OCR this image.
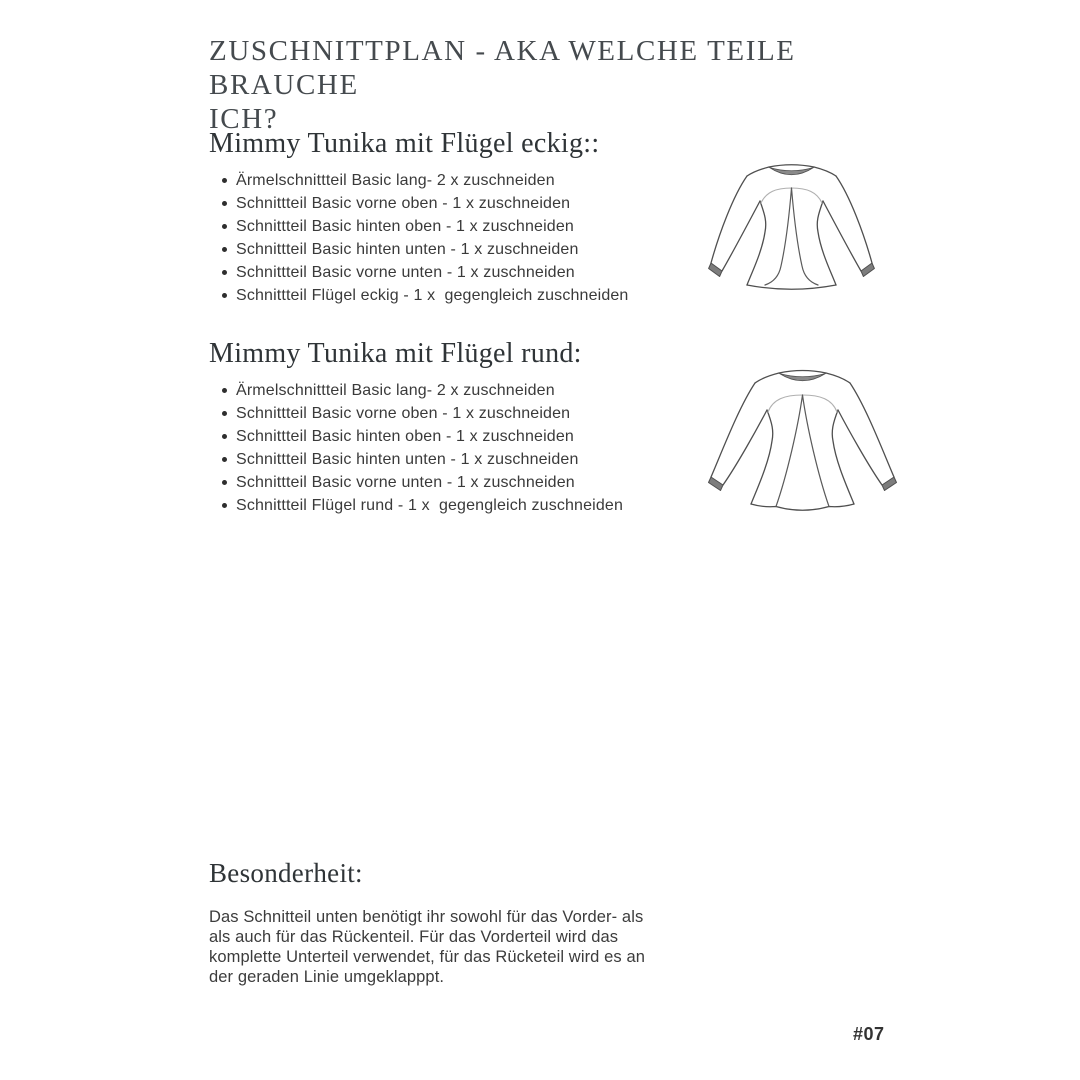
ZUSCHNITTPLAN - AKA WELCHE TEILE BRAUCHE
ICH?
Mimmy Tunika mit Flügel eckig::
Ärmelschnittteil Basic lang- 2 x zuschneiden
Schnittteil Basic vorne oben - 1 x zuschneiden
Schnittteil Basic hinten oben - 1 x zuschneiden
Schnittteil Basic hinten unten - 1 x zuschneiden
Schnittteil Basic vorne unten - 1 x zuschneiden
Schnittteil Flügel eckig - 1 x  gegengleich zuschneiden
Mimmy Tunika mit Flügel rund:
Ärmelschnittteil Basic lang- 2 x zuschneiden
Schnittteil Basic vorne oben - 1 x zuschneiden
Schnittteil Basic hinten oben - 1 x zuschneiden
Schnittteil Basic hinten unten - 1 x zuschneiden
Schnittteil Basic vorne unten - 1 x zuschneiden
Schnittteil Flügel rund - 1 x  gegengleich zuschneiden
Besonderheit:
Das Schnitteil unten benötigt ihr sowohl für das Vorder- als
als auch für das Rückenteil. Für das Vorderteil wird das
komplette Unterteil verwendet, für das Rücketeil wird es an
der geraden Linie umgeklapppt.
#07
